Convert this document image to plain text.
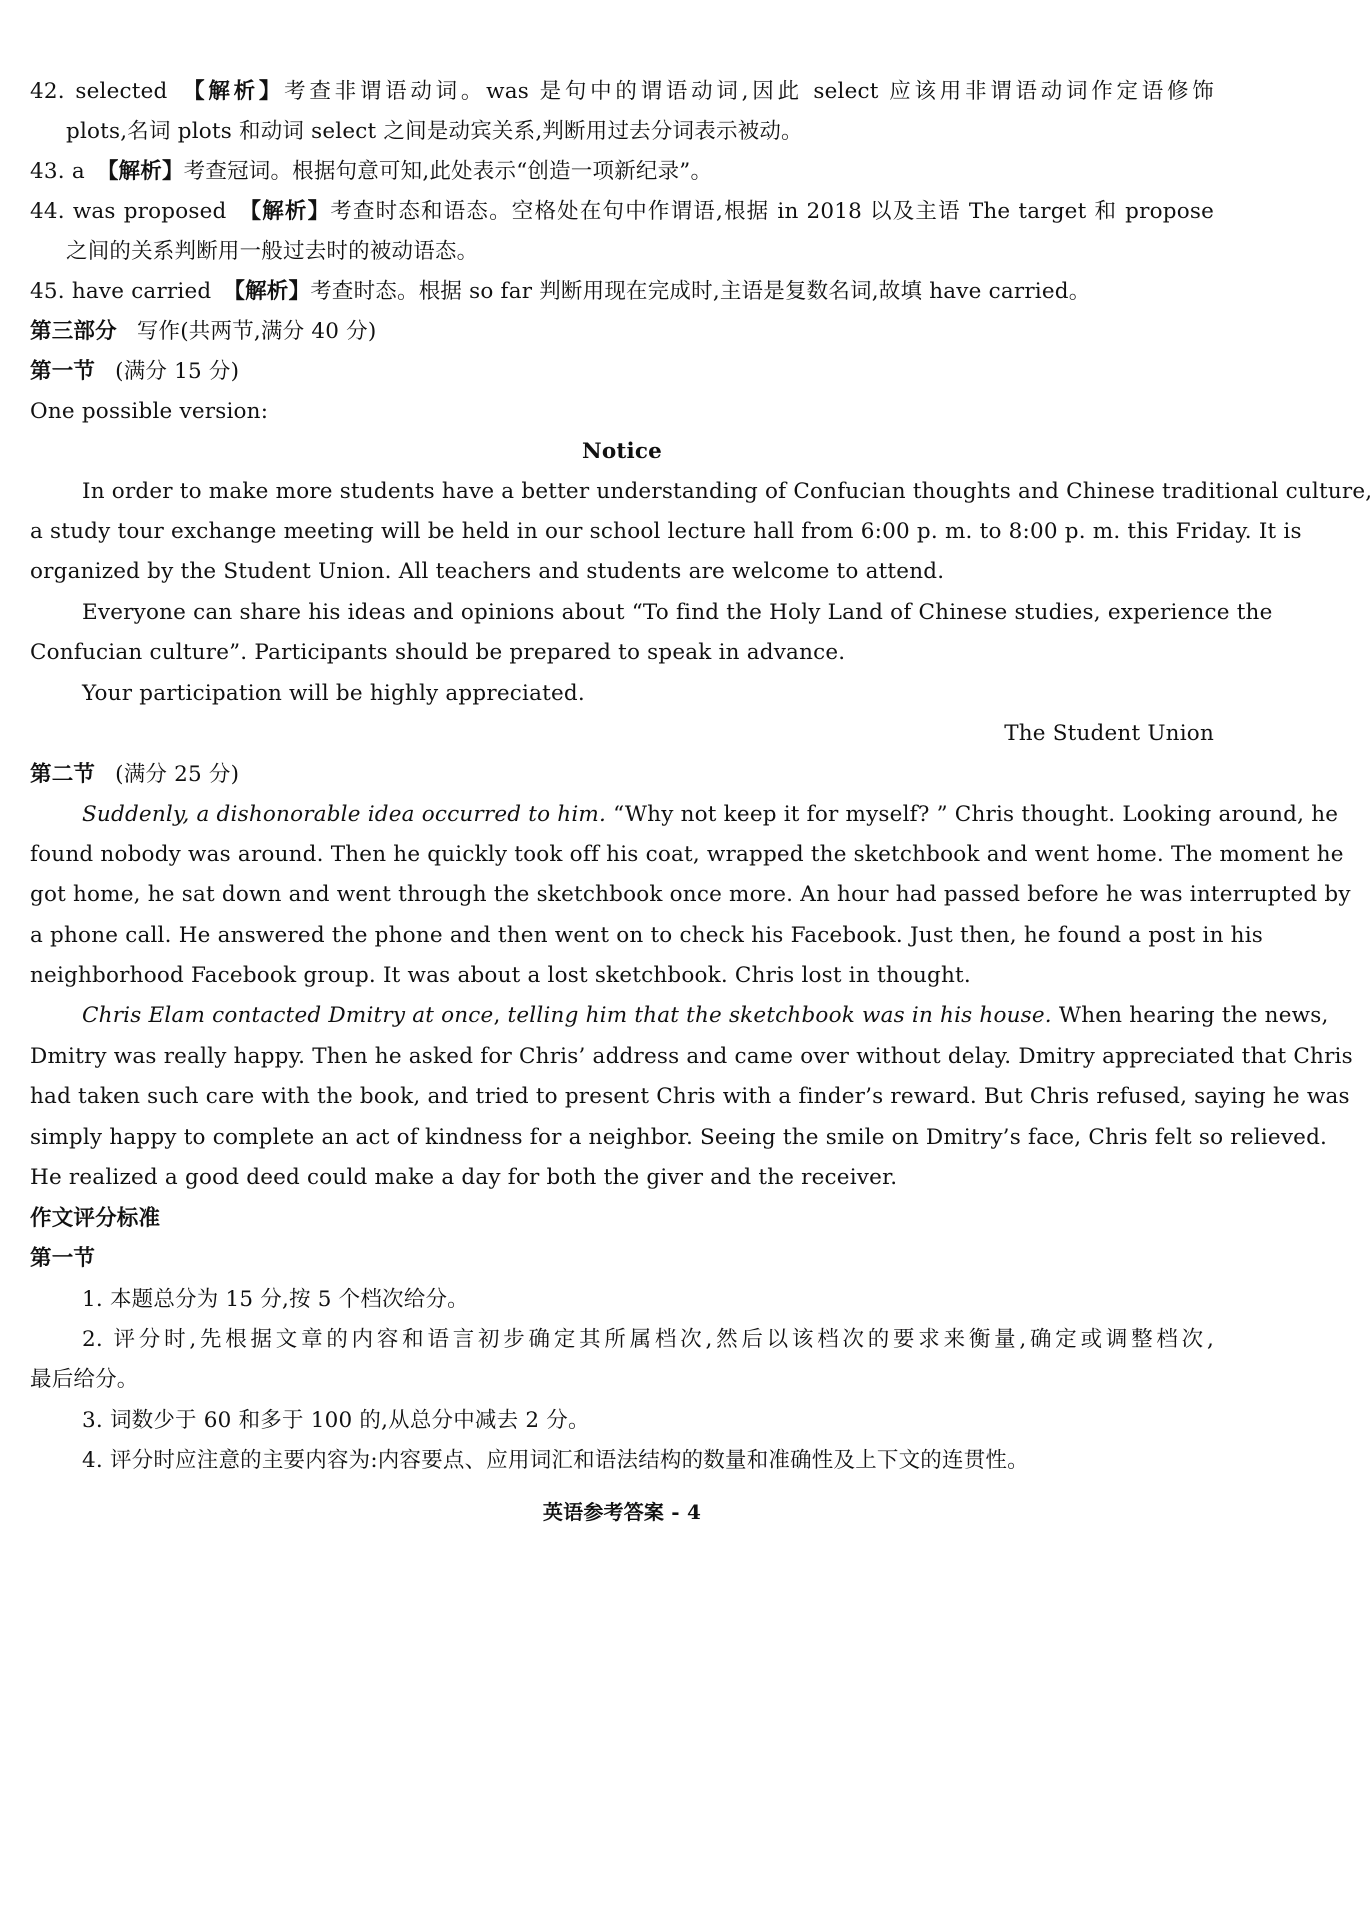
42. selected 【解析】考查非谓语动词。was 是句中的谓语动词,因此 select 应该用非谓语动词作定语修饰
plots,名词 plots 和动词 select 之间是动宾关系,判断用过去分词表示被动。
43. a 【解析】考查冠词。根据句意可知,此处表示“创造一项新纪录”。
44. was proposed 【解析】考查时态和语态。空格处在句中作谓语,根据 in 2018 以及主语 The target 和 propose
之间的关系判断用一般过去时的被动语态。
45. have carried 【解析】考查时态。根据 so far 判断用现在完成时,主语是复数名词,故填 have carried。
第三部分 写作(共两节,满分 40 分)
第一节 (满分 15 分)
One possible version:
Notice
In order to make more students have a better understanding of Confucian thoughts and Chinese traditional culture,
a study tour exchange meeting will be held in our school lecture hall from 6:00 p. m. to 8:00 p. m. this Friday. It is
organized by the Student Union. All teachers and students are welcome to attend.
Everyone can share his ideas and opinions about “To find the Holy Land of Chinese studies, experience the
Confucian culture”. Participants should be prepared to speak in advance.
Your participation will be highly appreciated.
The Student Union
第二节 (满分 25 分)
Suddenly, a dishonorable idea occurred to him. “Why not keep it for myself? ” Chris thought. Looking around, he
found nobody was around. Then he quickly took off his coat, wrapped the sketchbook and went home. The moment he
got home, he sat down and went through the sketchbook once more. An hour had passed before he was interrupted by
a phone call. He answered the phone and then went on to check his Facebook. Just then, he found a post in his
neighborhood Facebook group. It was about a lost sketchbook. Chris lost in thought.
Chris Elam contacted Dmitry at once, telling him that the sketchbook was in his house. When hearing the news,
Dmitry was really happy. Then he asked for Chris’ address and came over without delay. Dmitry appreciated that Chris
had taken such care with the book, and tried to present Chris with a finder’s reward. But Chris refused, saying he was
simply happy to complete an act of kindness for a neighbor. Seeing the smile on Dmitry’s face, Chris felt so relieved.
He realized a good deed could make a day for both the giver and the receiver.
作文评分标准
第一节
1. 本题总分为 15 分,按 5 个档次给分。
2. 评分时,先根据文章的内容和语言初步确定其所属档次,然后以该档次的要求来衡量,确定或调整档次,
最后给分。
3. 词数少于 60 和多于 100 的,从总分中减去 2 分。
4. 评分时应注意的主要内容为:内容要点、应用词汇和语法结构的数量和准确性及上下文的连贯性。
英语参考答案 - 4
